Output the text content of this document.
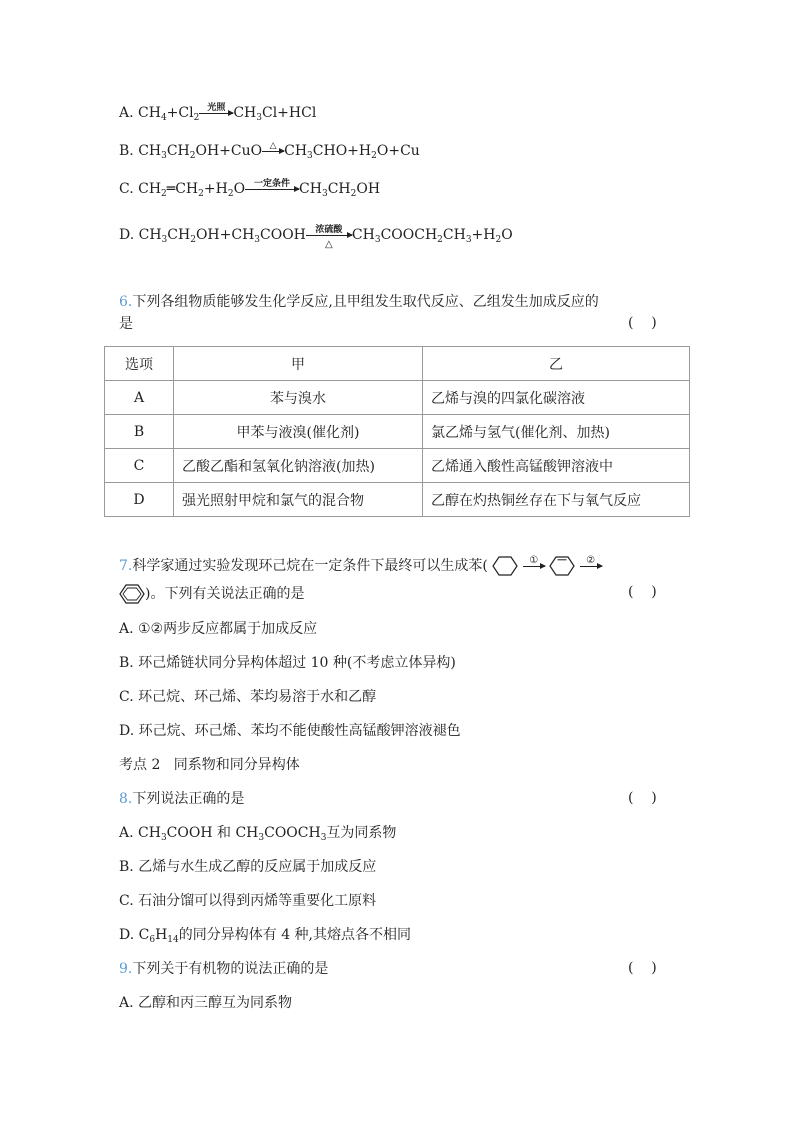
A. $CH_4+Cl_2$
光照 $CH_3Cl+HCl$
B. $CH_3CH_2OH+CuO$ △ $CH_3CHO+H_2O+Cu$
C. $CH_2═CH_2+H_2O$ 一定条件 $CH_3CH_2OH$
D. $CH_3CH_2OH+CH_3COOH$	浓硫酸
△
$CH_3COOCH_2CH_3+H_2O$
6.下列各组物质能够发生化学反应,且甲组发生取代反应、乙组发生加成反应的
是	(    )
选项	甲	乙
A	苯与溴水	乙烯与溴的四氯化碳溶液
B	甲苯与液溴(催化剂)	氯乙烯与氢气(催化剂、加热)
C	乙酸乙酯和氢氧化钠溶液(加热)	乙烯通入酸性高锰酸钾溶液中
D	强光照射甲烷和氯气的混合物	乙醇在灼热铜丝存在下与氧气反应
7.科学家通过实验发现环己烷在一定条件下最终可以生成苯(	①
	②
)。下列有关说法正确的是	(    )
A. ①②两步反应都属于加成反应
B. 环己烯链状同分异构体超过 10 种(不考虑立体异构)
C. 环己烷、环己烯、苯均易溶于水和乙醇
D. 环己烷、环己烯、苯均不能使酸性高锰酸钾溶液褪色
考点 2   同系物和同分异构体
8.下列说法正确的是	(    )
A. $CH_3COOH$ 和 $CH_3COOCH_3$互为同系物
B. 乙烯与水生成乙醇的反应属于加成反应
C. 石油分馏可以得到丙烯等重要化工原料
D. $C_6H_{14}$的同分异构体有 4 种,其熔点各不相同
9.下列关于有机物的说法正确的是	(    )
A. 乙醇和丙三醇互为同系物
